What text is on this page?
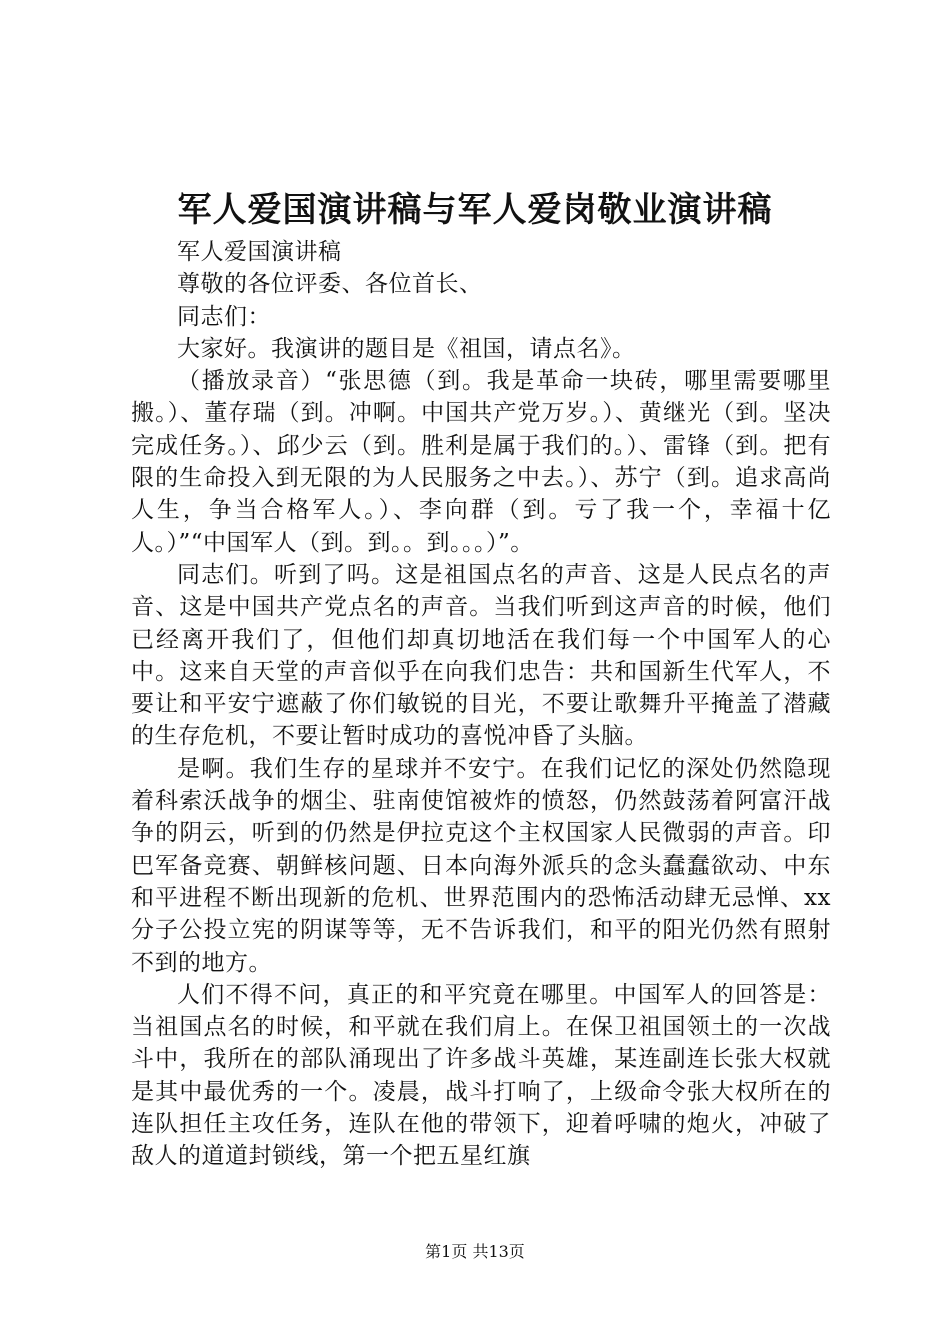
军人爱国演讲稿与军人爱岗敬业演讲稿

军人爱国演讲稿

尊敬的各位评委、各位首长、

同志们：

大家好。我演讲的题目是《祖国，请点名》。

（播放录音）“张思德（到。我是革命一块砖，哪里需要哪里搬。）、董存瑞（到。冲啊。中国共产党万岁。）、黄继光（到。坚决完成任务。）、邱少云（到。胜利是属于我们的。）、雷锋（到。把有限的生命投入到无限的为人民服务之中去。）、苏宁（到。追求高尚人生，争当合格军人。）、李向群（到。亏了我一个，幸福十亿人。）”“中国军人（到。到。。到。。。）”。

同志们。听到了吗。这是祖国点名的声音、这是人民点名的声音、这是中国共产党点名的声音。当我们听到这声音的时候，他们已经离开我们了，但他们却真切地活在我们每一个中国军人的心中。这来自天堂的声音似乎在向我们忠告：共和国新生代军人，不要让和平安宁遮蔽了你们敏锐的目光，不要让歌舞升平掩盖了潜藏的生存危机，不要让暂时成功的喜悦冲昏了头脑。

是啊。我们生存的星球并不安宁。在我们记忆的深处仍然隐现着科索沃战争的烟尘、驻南使馆被炸的愤怒，仍然鼓荡着阿富汗战争的阴云，听到的仍然是伊拉克这个主权国家人民微弱的声音。印巴军备竞赛、朝鲜核问题、日本向海外派兵的念头蠢蠢欲动、中东和平进程不断出现新的危机、世界范围内的恐怖活动肆无忌惮、xx分子公投立宪的阴谋等等，无不告诉我们，和平的阳光仍然有照射不到的地方。

人们不得不问，真正的和平究竟在哪里。中国军人的回答是：当祖国点名的时候，和平就在我们肩上。在保卫祖国领土的一次战斗中，我所在的部队涌现出了许多战斗英雄，某连副连长张大权就是其中最优秀的一个。凌晨，战斗打响了，上级命令张大权所在的连队担任主攻任务，连队在他的带领下，迎着呼啸的炮火，冲破了敌人的道道封锁线，第一个把五星红旗

第1页 共13页
